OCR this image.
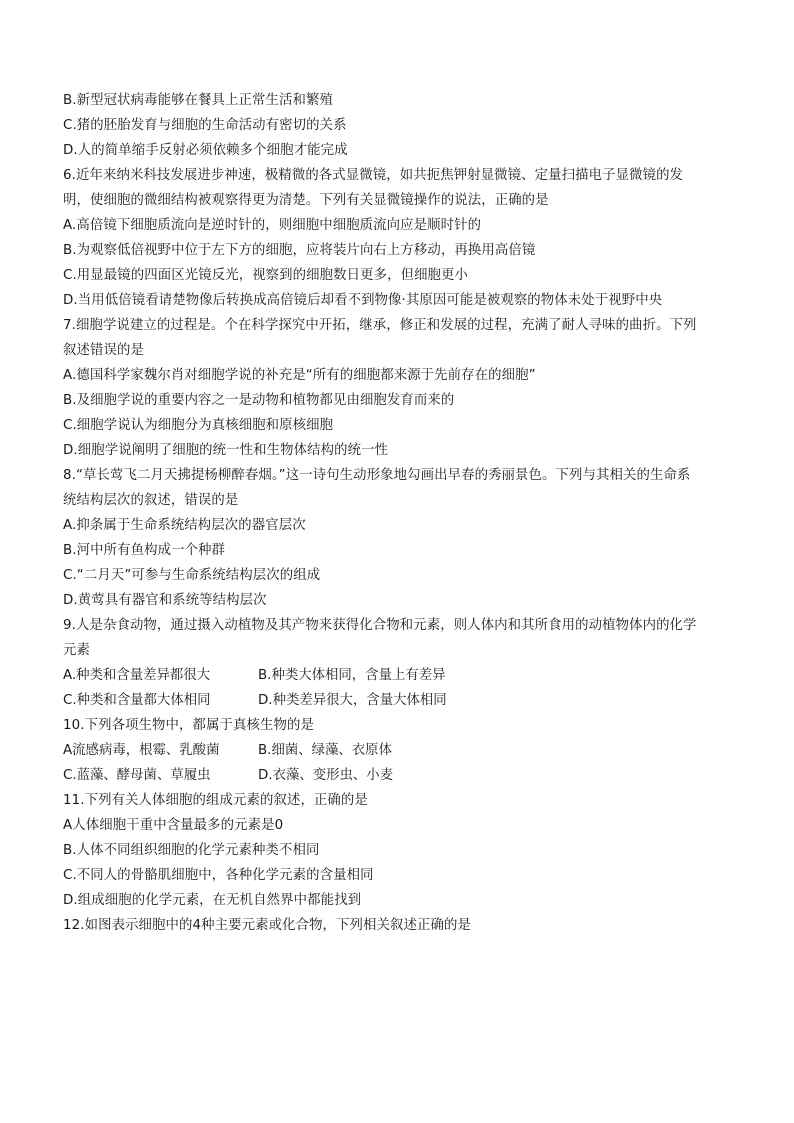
B.新型冠状病毒能够在餐具上正常生活和繁殖
C.猪的胚胎发育与细胞的生命活动有密切的关系
D.人的简单缩手反射必须依赖多个细胞才能完成
6.近年来纳米科技发展进步神速，极精微的各式显微镜，如共扼焦钾射显微镜、定量扫描电子显微镜的发
明，使细胞的微细结构被观察得更为清楚。下列有关显微镜操作的说法，正确的是
A.高倍镜下细胞质流向是逆时针的，则细胞中细胞质流向应是顺时针的
B.为观察低倍视野中位于左下方的细胞，应将装片向右上方移动，再换用高倍镜
C.用显最镜的四面区光镜反光，视察到的细胞数日更多，但细胞更小
D.当用低倍镜看请楚物像后转换成高倍镜后却看不到物像·其原因可能是被观察的物体未处于视野中央
7.细胞学说建立的过程是。个在科学探究中开拓，继承，修正和发展的过程，充满了耐人寻味的曲折。下列
叙述错误的是
A.德国科学家魏尔肖对细胞学说的补充是“所有的细胞都来源于先前存在的细胞”
B.及细胞学说的重要内容之一是动物和植物都见由细胞发育而来的
C.细胞学说认为细胞分为真核细胞和原核细胞
D.细胞学说阐明了细胞的统一性和生物体结构的统一性
8.“草长莺飞二月天拂提杨柳醉春烟。”这一诗句生动形象地勾画出早春的秀丽景色。下列与其相关的生命系
统结构层次的叙述，错误的是
A.抑条属于生命系统结构层次的器官层次
B.河中所有鱼构成一个种群
C.“二月天”可参与生命系统结构层次的组成
D.黄莺具有器官和系统等结构层次
9.人是杂食动物，通过摄入动植物及其产物来获得化合物和元素，则人体内和其所食用的动植物体内的化学
元素
A.种类和含量差异都很大	B.种类大体相同，含量上有差异
C.种类和含量都大体相同	D.种类差异很大，含量大体相同
10.下列各项生物中，都属于真核生物的是
A流感病毒，根霉、乳酸菌	B.细菌、绿藻、衣原体
C.蓝藻、酵母菌、草履虫	D.衣藻、变形虫、小麦
11.下列有关人体细胞的组成元素的叙述，正确的是
A人体细胞干重中含量最多的元素是0
B.人体不同组织细胞的化学元素种类不相同
C.不同人的骨骼肌细胞中，各种化学元素的含量相同
D.组成细胞的化学元素，在无机自然界中都能找到
12.如图表示细胞中的4种主要元素或化合物，下列相关叙述正确的是
